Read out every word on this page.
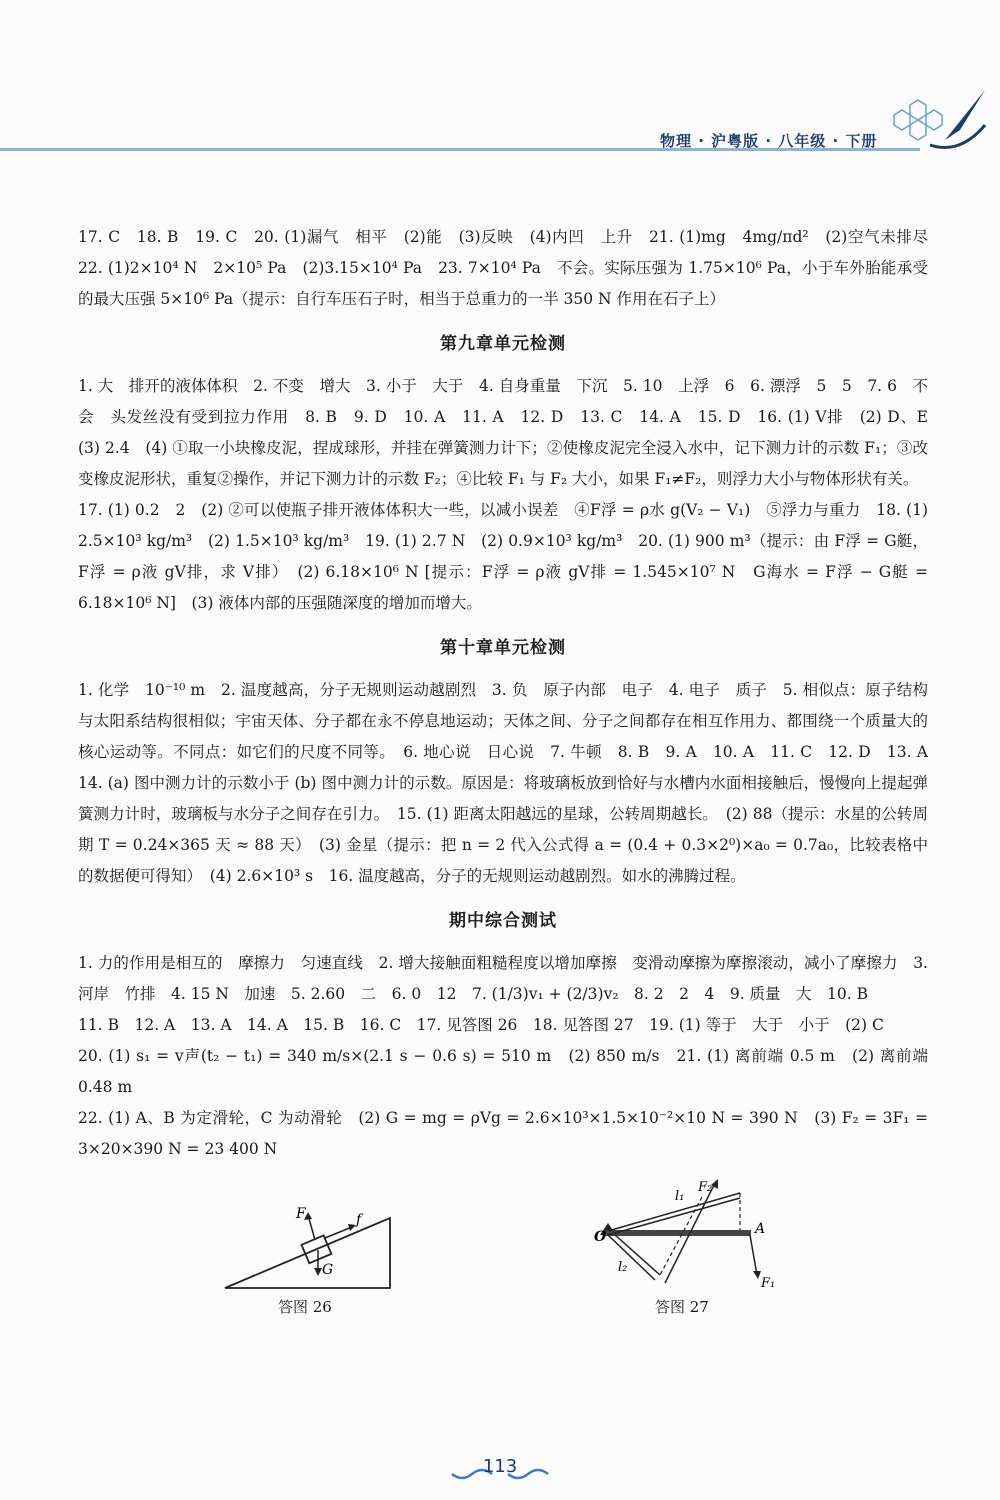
物理 · 沪粤版 · 八年级 · 下册

17. C　18. B　19. C　20. (1)漏气　相平　(2)能　(3)反映　(4)内凹　上升　21. (1)mg　4mg/πd²　(2)空气未排尽　22. (1)2×10⁴ N　2×10⁵ Pa　(2)3.15×10⁴ Pa　23. 7×10⁴ Pa　不会。实际压强为 1.75×10⁶ Pa，小于车外胎能承受的最大压强 5×10⁶ Pa（提示：自行车压石子时，相当于总重力的一半 350 N 作用在石子上）

第九章单元检测

1. 大　排开的液体体积　2. 不变　增大　3. 小于　大于　4. 自身重量　下沉　5. 10　上浮　6　6. 漂浮　5　5　7. 6　不会　头发丝没有受到拉力作用　8. B　9. D　10. A　11. A　12. D　13. C　14. A　15. D　16. (1) V排　(2) D、E　(3) 2.4　(4) ①取一小块橡皮泥，捏成球形，并挂在弹簧测力计下；②使橡皮泥完全浸入水中，记下测力计的示数 F₁；③改变橡皮泥形状，重复②操作，并记下测力计的示数 F₂；④比较 F₁ 与 F₂ 大小，如果 F₁≠F₂，则浮力大小与物体形状有关。

17. (1) 0.2　2　(2) ②可以使瓶子排开液体体积大一些，以减小误差　④F浮 = ρ水 g(V₂ − V₁)　⑤浮力与重力　18. (1) 2.5×10³ kg/m³　(2) 1.5×10³ kg/m³　19. (1) 2.7 N　(2) 0.9×10³ kg/m³　20. (1) 900 m³（提示：由 F浮 = G艇，F浮 = ρ液 gV排，求 V排）　(2) 6.18×10⁶ N [提示：F浮 = ρ液 gV排 = 1.545×10⁷ N　G海水 = F浮 − G艇 = 6.18×10⁶ N]　(3) 液体内部的压强随深度的增加而增大。

第十章单元检测

1. 化学　10⁻¹⁰ m　2. 温度越高，分子无规则运动越剧烈　3. 负　原子内部　电子　4. 电子　质子　5. 相似点：原子结构与太阳系结构很相似；宇宙天体、分子都在永不停息地运动；天体之间、分子之间都存在相互作用力、都围绕一个质量大的核心运动等。不同点：如它们的尺度不同等。　6. 地心说　日心说　7. 牛顿　8. B　9. A　10. A　11. C　12. D　13. A　14. (a) 图中测力计的示数小于 (b) 图中测力计的示数。原因是：将玻璃板放到恰好与水槽内水面相接触后，慢慢向上提起弹簧测力计时，玻璃板与水分子之间存在引力。　15. (1) 距离太阳越远的星球，公转周期越长。　(2) 88（提示：水星的公转周期 T = 0.24×365 天 ≈ 88 天）　(3) 金星（提示：把 n = 2 代入公式得 a = (0.4 + 0.3×2⁰)×a₀ = 0.7a₀，比较表格中的数据便可得知）　(4) 2.6×10³ s　16. 温度越高，分子的无规则运动越剧烈。如水的沸腾过程。

期中综合测试

1. 力的作用是相互的　摩擦力　匀速直线　2. 增大接触面粗糙程度以增加摩擦　变滑动摩擦为摩擦滚动，减小了摩擦力　3. 河岸　竹排　4. 15 N　加速　5. 2.60　二　6. 0　12　7. (1/3)v₁ + (2/3)v₂　8. 2　2　4　9. 质量　大　10. B

11. B　12. A　13. A　14. A　15. B　16. C　17. 见答图 26　18. 见答图 27　19. (1) 等于　大于　小于　(2) C

20. (1) s₁ = v声(t₂ − t₁) = 340 m/s×(2.1 s − 0.6 s) = 510 m　(2) 850 m/s　21. (1) 离前端 0.5 m　(2) 离前端 0.48 m

22. (1) A、B 为定滑轮，C 为动滑轮　(2) G = mg = ρVg = 2.6×10³×1.5×10⁻²×10 N = 390 N　(3) F₂ = 3F₁ = 3×20×390 N = 23 400 N

F	f
G
答图 26
O	A
l₁
l₂
F₁
F₂
答图 27
113
